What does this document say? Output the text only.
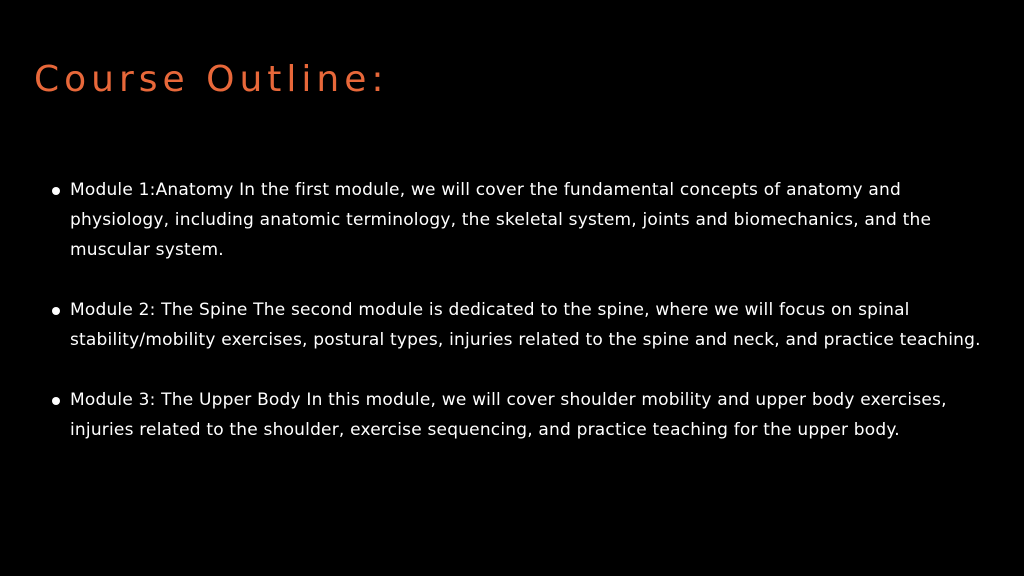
Course Outline:
Module 1:Anatomy In the first module, we will cover the fundamental concepts of anatomy and physiology, including anatomic terminology, the skeletal system, joints and biomechanics, and the muscular system.
Module 2: The Spine The second module is dedicated to the spine, where we will focus on spinal stability/mobility exercises, postural types, injuries related to the spine and neck, and practice teaching.
Module 3: The Upper Body In this module, we will cover shoulder mobility and upper body exercises, injuries related to the shoulder, exercise sequencing, and practice teaching for the upper body.
